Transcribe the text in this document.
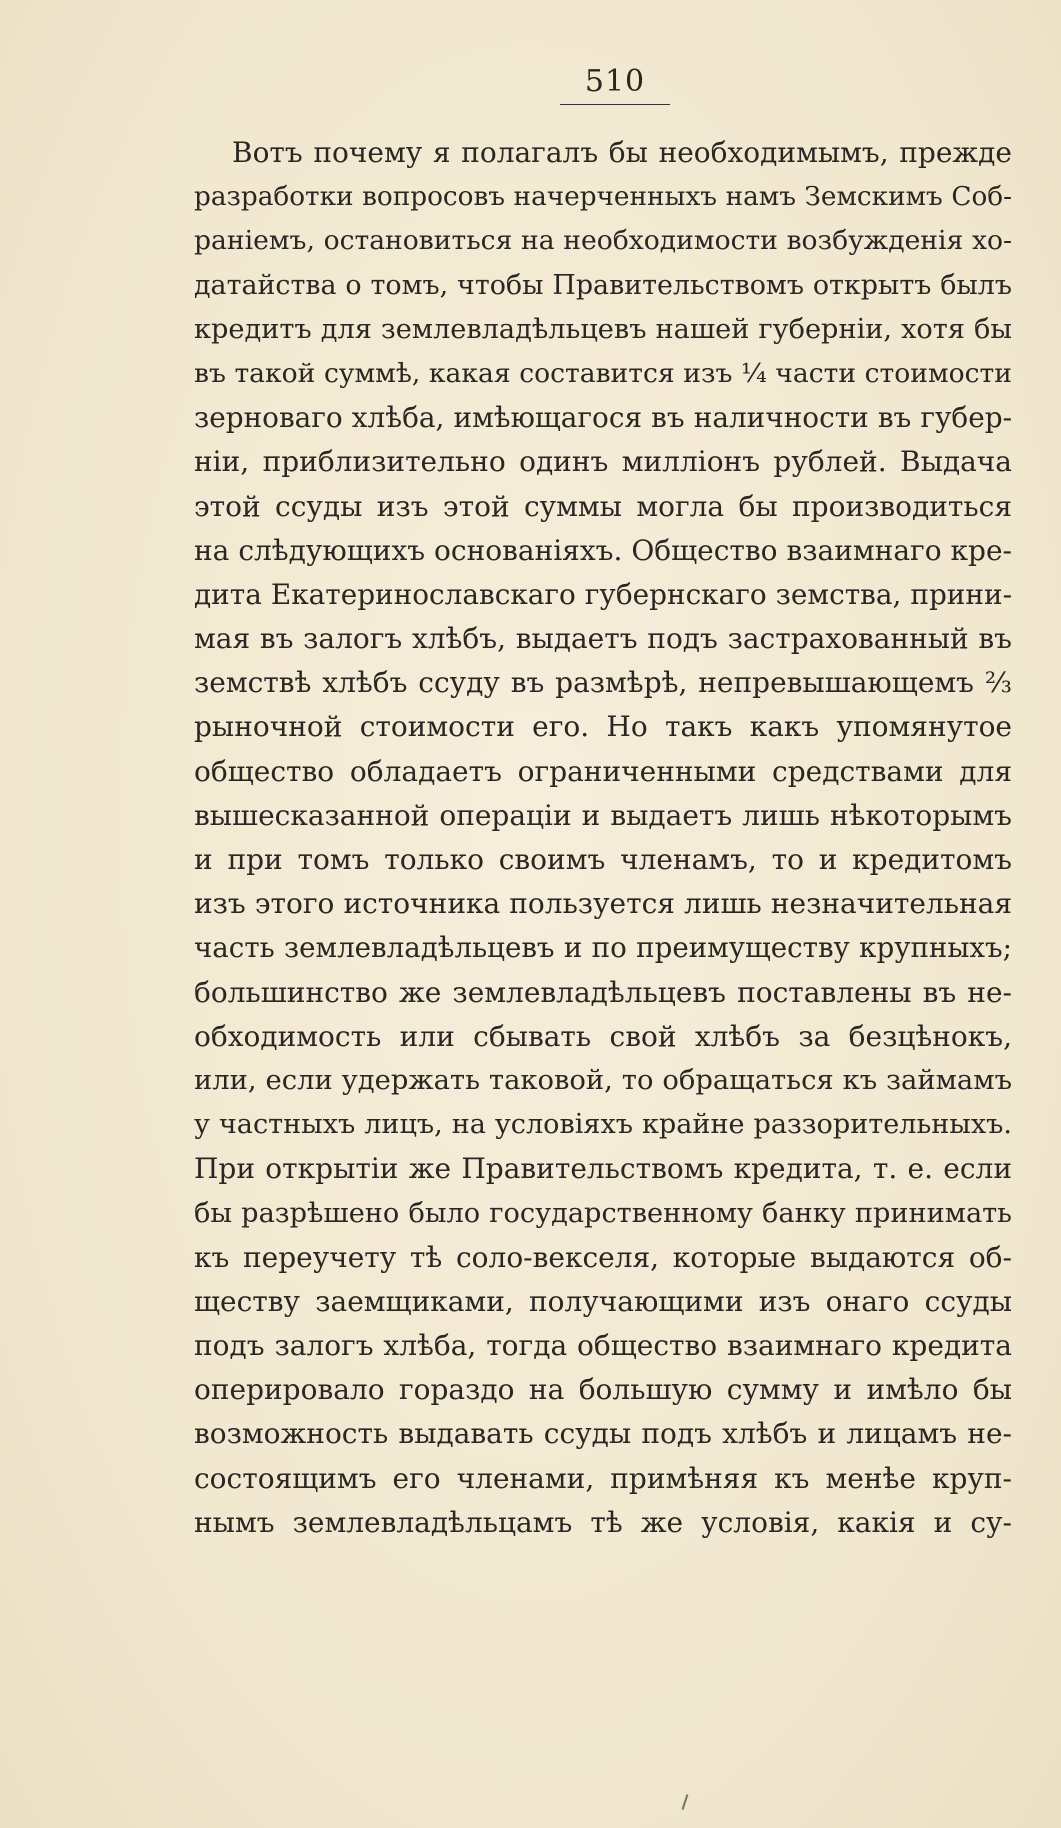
510
Вотъ почему я полагалъ бы необходимымъ, прежде
разработки вопросовъ начерченныхъ намъ Земскимъ Соб-
раніемъ, остановиться на необходимости возбужденія хо-
датайства о томъ, чтобы Правительствомъ открытъ былъ
кредитъ для землевладѣльцевъ нашей губерніи, хотя бы
въ такой суммѣ, какая составится изъ ¼ части стоимости
зерноваго хлѣба, имѣющагося въ наличности въ губер-
ніи, приблизительно одинъ милліонъ рублей. Выдача
этой ссуды изъ этой суммы могла бы производиться
на слѣдующихъ основаніяхъ. Общество взаимнаго кре-
дита Екатеринославскаго губернскаго земства, прини-
мая въ залогъ хлѣбъ, выдаетъ подъ застрахованный въ
земствѣ хлѣбъ ссуду въ размѣрѣ, непревышающемъ ⅔
рыночной стоимости его. Но такъ какъ упомянутое
общество обладаетъ ограниченными средствами для
вышесказанной операціи и выдаетъ лишь нѣкоторымъ
и при томъ только своимъ членамъ, то и кредитомъ
изъ этого источника пользуется лишь незначительная
часть землевладѣльцевъ и по преимуществу крупныхъ;
большинство же землевладѣльцевъ поставлены въ не-
обходимость или сбывать свой хлѣбъ за безцѣнокъ,
или, если удержать таковой, то обращаться къ займамъ
у частныхъ лицъ, на условіяхъ крайне раззорительныхъ.
При открытіи же Правительствомъ кредита, т. е. если
бы разрѣшено было государственному банку принимать
къ переучету тѣ соло-векселя, которые выдаются об-
ществу заемщиками, получающими изъ онаго ссуды
подъ залогъ хлѣба, тогда общество взаимнаго кредита
оперировало гораздо на большую сумму и имѣло бы
возможность выдавать ссуды подъ хлѣбъ и лицамъ не-
состоящимъ его членами, примѣняя къ менѣе круп-
нымъ землевладѣльцамъ тѣ же условія, какія и су-
